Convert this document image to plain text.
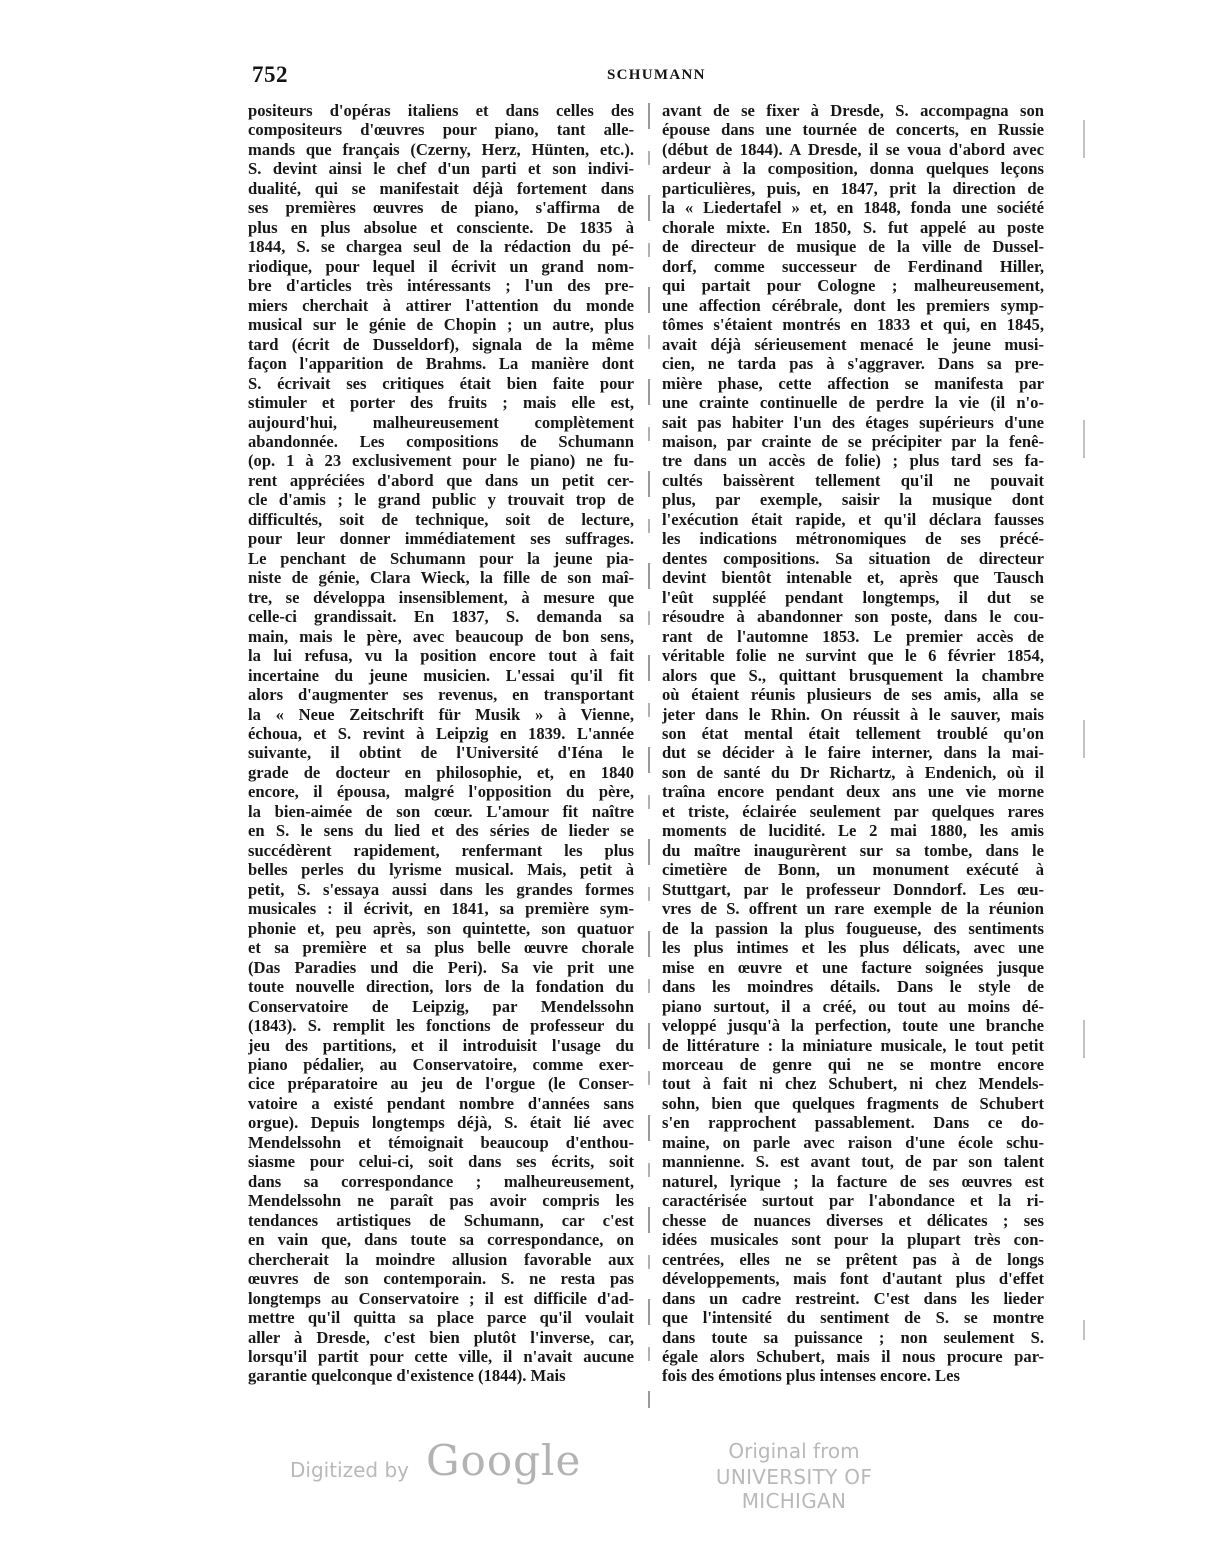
752	SCHUMANN
positeurs d'opéras italiens et dans celles des
compositeurs d'œuvres pour piano, tant alle-
mands que français (Czerny, Herz, Hünten, etc.).
S. devint ainsi le chef d'un parti et son indivi-
dualité, qui se manifestait déjà fortement dans
ses premières œuvres de piano, s'affirma de
plus en plus absolue et consciente. De 1835 à
1844, S. se chargea seul de la rédaction du pé-
riodique, pour lequel il écrivit un grand nom-
bre d'articles très intéressants ; l'un des pre-
miers cherchait à attirer l'attention du monde
musical sur le génie de Chopin ; un autre, plus
tard (écrit de Dusseldorf), signala de la même
façon l'apparition de Brahms. La manière dont
S. écrivait ses critiques était bien faite pour
stimuler et porter des fruits ; mais elle est,
aujourd'hui, malheureusement complètement
abandonnée. Les compositions de Schumann
(op. 1 à 23 exclusivement pour le piano) ne fu-
rent appréciées d'abord que dans un petit cer-
cle d'amis ; le grand public y trouvait trop de
difficultés, soit de technique, soit de lecture,
pour leur donner immédiatement ses suffrages.
Le penchant de Schumann pour la jeune pia-
niste de génie, Clara Wieck, la fille de son maî-
tre, se développa insensiblement, à mesure que
celle-ci grandissait. En 1837, S. demanda sa
main, mais le père, avec beaucoup de bon sens,
la lui refusa, vu la position encore tout à fait
incertaine du jeune musicien. L'essai qu'il fit
alors d'augmenter ses revenus, en transportant
la « Neue Zeitschrift für Musik » à Vienne,
échoua, et S. revint à Leipzig en 1839. L'année
suivante, il obtint de l'Université d'Iéna le
grade de docteur en philosophie, et, en 1840
encore, il épousa, malgré l'opposition du père,
la bien-aimée de son cœur. L'amour fit naître
en S. le sens du lied et des séries de lieder se
succédèrent rapidement, renfermant les plus
belles perles du lyrisme musical. Mais, petit à
petit, S. s'essaya aussi dans les grandes formes
musicales : il écrivit, en 1841, sa première sym-
phonie et, peu après, son quintette, son quatuor
et sa première et sa plus belle œuvre chorale
(Das Paradies und die Peri). Sa vie prit une
toute nouvelle direction, lors de la fondation du
Conservatoire de Leipzig, par Mendelssohn
(1843). S. remplit les fonctions de professeur du
jeu des partitions, et il introduisit l'usage du
piano pédalier, au Conservatoire, comme exer-
cice préparatoire au jeu de l'orgue (le Conser-
vatoire a existé pendant nombre d'années sans
orgue). Depuis longtemps déjà, S. était lié avec
Mendelssohn et témoignait beaucoup d'enthou-
siasme pour celui-ci, soit dans ses écrits, soit
dans sa correspondance ; malheureusement,
Mendelssohn ne paraît pas avoir compris les
tendances artistiques de Schumann, car c'est
en vain que, dans toute sa correspondance, on
chercherait la moindre allusion favorable aux
œuvres de son contemporain. S. ne resta pas
longtemps au Conservatoire ; il est difficile d'ad-
mettre qu'il quitta sa place parce qu'il voulait
aller à Dresde, c'est bien plutôt l'inverse, car,
lorsqu'il partit pour cette ville, il n'avait aucune
garantie quelconque d'existence (1844). Mais
avant de se fixer à Dresde, S. accompagna son
épouse dans une tournée de concerts, en Russie
(début de 1844). A Dresde, il se voua d'abord avec
ardeur à la composition, donna quelques leçons
particulières, puis, en 1847, prit la direction de
la « Liedertafel » et, en 1848, fonda une société
chorale mixte. En 1850, S. fut appelé au poste
de directeur de musique de la ville de Dussel-
dorf, comme successeur de Ferdinand Hiller,
qui partait pour Cologne ; malheureusement,
une affection cérébrale, dont les premiers symp-
tômes s'étaient montrés en 1833 et qui, en 1845,
avait déjà sérieusement menacé le jeune musi-
cien, ne tarda pas à s'aggraver. Dans sa pre-
mière phase, cette affection se manifesta par
une crainte continuelle de perdre la vie (il n'o-
sait pas habiter l'un des étages supérieurs d'une
maison, par crainte de se précipiter par la fenê-
tre dans un accès de folie) ; plus tard ses fa-
cultés baissèrent tellement qu'il ne pouvait
plus, par exemple, saisir la musique dont
l'exécution était rapide, et qu'il déclara fausses
les indications métronomiques de ses précé-
dentes compositions. Sa situation de directeur
devint bientôt intenable et, après que Tausch
l'eût suppléé pendant longtemps, il dut se
résoudre à abandonner son poste, dans le cou-
rant de l'automne 1853. Le premier accès de
véritable folie ne survint que le 6 février 1854,
alors que S., quittant brusquement la chambre
où étaient réunis plusieurs de ses amis, alla se
jeter dans le Rhin. On réussit à le sauver, mais
son état mental était tellement troublé qu'on
dut se décider à le faire interner, dans la mai-
son de santé du Dr Richartz, à Endenich, où il
traîna encore pendant deux ans une vie morne
et triste, éclairée seulement par quelques rares
moments de lucidité. Le 2 mai 1880, les amis
du maître inaugurèrent sur sa tombe, dans le
cimetière de Bonn, un monument exécuté à
Stuttgart, par le professeur Donndorf. Les œu-
vres de S. offrent un rare exemple de la réunion
de la passion la plus fougueuse, des sentiments
les plus intimes et les plus délicats, avec une
mise en œuvre et une facture soignées jusque
dans les moindres détails. Dans le style de
piano surtout, il a créé, ou tout au moins dé-
veloppé jusqu'à la perfection, toute une branche
de littérature : la miniature musicale, le tout petit
morceau de genre qui ne se montre encore
tout à fait ni chez Schubert, ni chez Mendels-
sohn, bien que quelques fragments de Schubert
s'en rapprochent passablement. Dans ce do-
maine, on parle avec raison d'une école schu-
mannienne. S. est avant tout, de par son talent
naturel, lyrique ; la facture de ses œuvres est
caractérisée surtout par l'abondance et la ri-
chesse de nuances diverses et délicates ; ses
idées musicales sont pour la plupart très con-
centrées, elles ne se prêtent pas à de longs
développements, mais font d'autant plus d'effet
dans un cadre restreint. C'est dans les lieder
que l'intensité du sentiment de S. se montre
dans toute sa puissance ; non seulement S.
égale alors Schubert, mais il nous procure par-
fois des émotions plus intenses encore. Les
Digitized by Google	Original from
UNIVERSITY OF MICHIGAN
